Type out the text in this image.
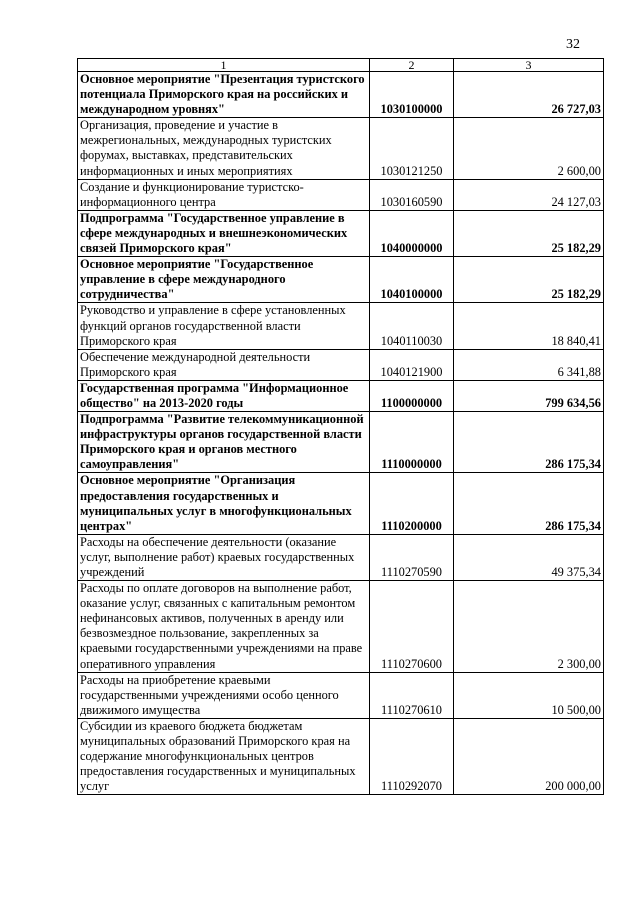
32
1	2	3
Основное мероприятие "Презентация туристского потенциала Приморского края на российских и международном уровнях"	1030100000	26 727,03
Организация, проведение и участие в межрегиональных, международных туристских форумах, выставках, представительских информационных и иных мероприятиях	1030121250	2 600,00
Создание и функционирование туристско-информационного центра	1030160590	24 127,03
Подпрограмма "Государственное управление в сфере международных и внешнеэкономических связей Приморского края"	1040000000	25 182,29
Основное мероприятие "Государственное управление в сфере международного сотрудничества"	1040100000	25 182,29
Руководство и управление в сфере установленных функций органов государственной власти Приморского края	1040110030	18 840,41
Обеспечение международной деятельности Приморского края	1040121900	6 341,88
Государственная программа "Информационное общество" на 2013-2020 годы	1100000000	799 634,56
Подпрограмма "Развитие телекоммуникационной инфраструктуры органов государственной власти Приморского края и органов местного самоуправления"	1110000000	286 175,34
Основное мероприятие "Организация предоставления государственных и муниципальных услуг в многофункциональных центрах"	1110200000	286 175,34
Расходы на обеспечение деятельности (оказание услуг, выполнение работ) краевых государственных учреждений	1110270590	49 375,34
Расходы по оплате договоров на выполнение работ, оказание услуг, связанных с капитальным ремонтом нефинансовых активов, полученных в аренду или безвозмездное пользование, закрепленных за краевыми государственными учреждениями на праве оперативного управления	1110270600	2 300,00
Расходы на приобретение краевыми государственными учреждениями особо ценного движимого имущества	1110270610	10 500,00
Субсидии из краевого бюджета бюджетам муниципальных образований Приморского края на содержание многофункциональных центров предоставления государственных и муниципальных услуг	1110292070	200 000,00
